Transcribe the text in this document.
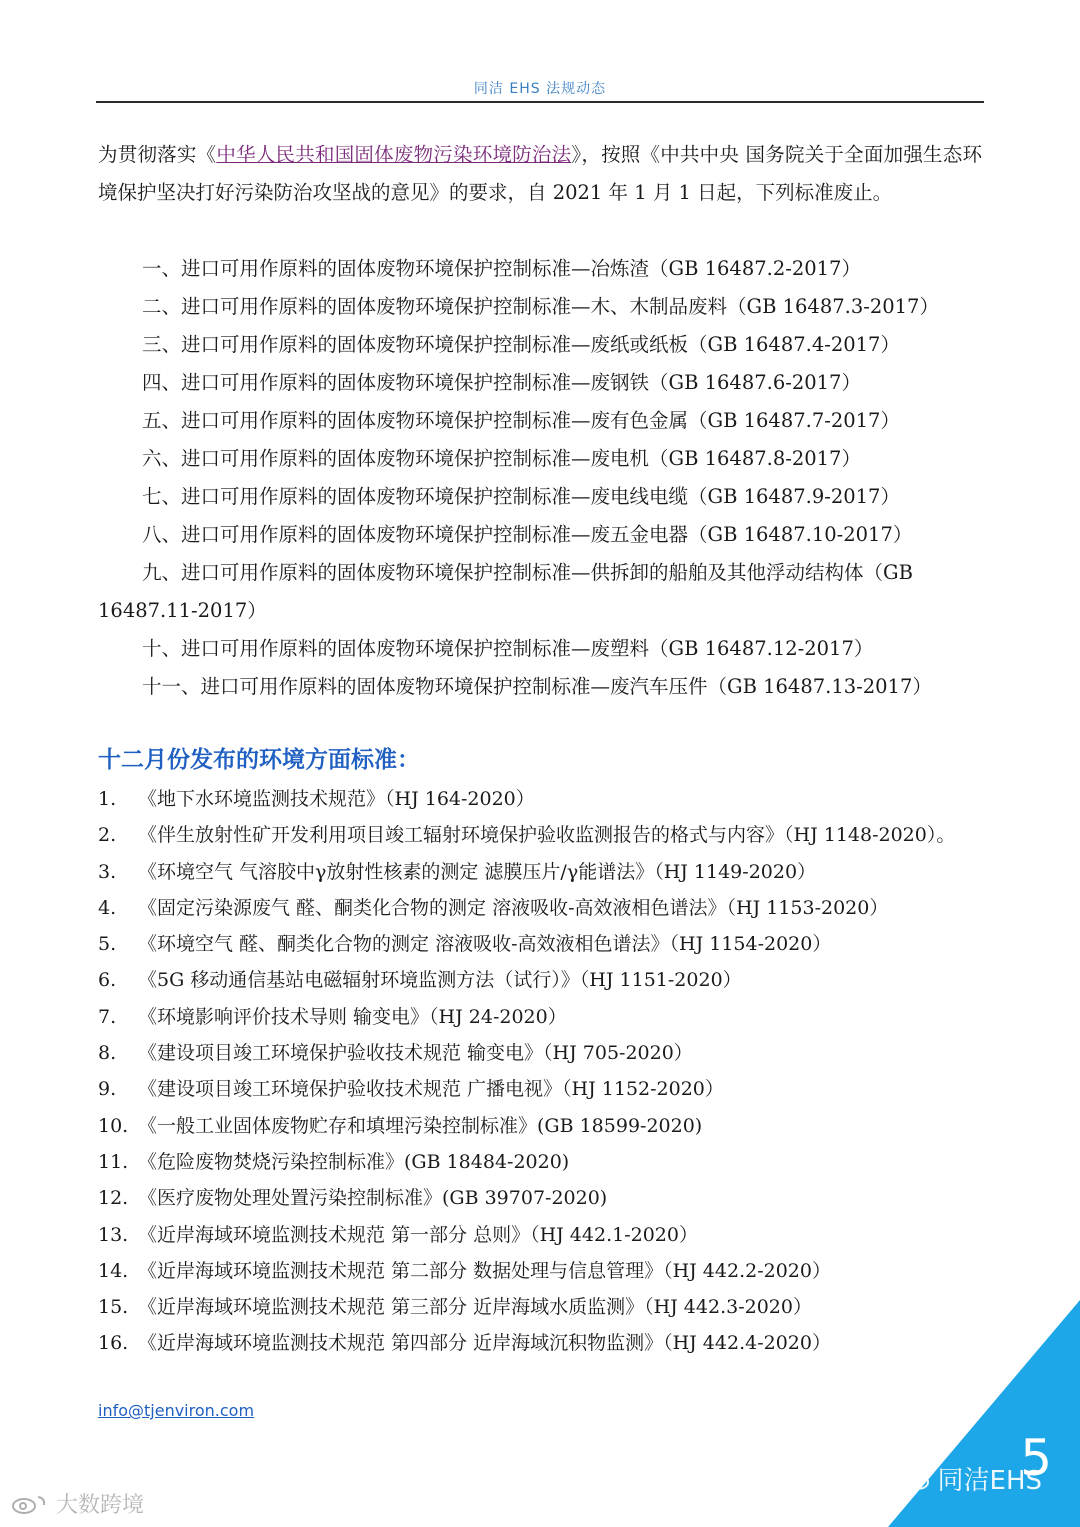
同洁 EHS 法规动态
为贯彻落实《中华人民共和国固体废物污染环境防治法》，按照《中共中央 国务院关于全面加强生态环境保护坚决打好污染防治攻坚战的意见》的要求，自 2021 年 1 月 1 日起，下列标准废止。
一、进口可用作原料的固体废物环境保护控制标准—冶炼渣（GB 16487.2-2017）
二、进口可用作原料的固体废物环境保护控制标准—木、木制品废料（GB 16487.3-2017）
三、进口可用作原料的固体废物环境保护控制标准—废纸或纸板（GB 16487.4-2017）
四、进口可用作原料的固体废物环境保护控制标准—废钢铁（GB 16487.6-2017）
五、进口可用作原料的固体废物环境保护控制标准—废有色金属（GB 16487.7-2017）
六、进口可用作原料的固体废物环境保护控制标准—废电机（GB 16487.8-2017）
七、进口可用作原料的固体废物环境保护控制标准—废电线电缆（GB 16487.9-2017）
八、进口可用作原料的固体废物环境保护控制标准—废五金电器（GB 16487.10-2017）
九、进口可用作原料的固体废物环境保护控制标准—供拆卸的船舶及其他浮动结构体（GB 16487.11-2017）
十、进口可用作原料的固体废物环境保护控制标准—废塑料（GB 16487.12-2017）
十一、进口可用作原料的固体废物环境保护控制标准—废汽车压件（GB 16487.13-2017）
十二月份发布的环境方面标准：
1.	《地下水环境监测技术规范》（HJ 164-2020）
2.	《伴生放射性矿开发利用项目竣工辐射环境保护验收监测报告的格式与内容》（HJ 1148-2020）。
3.	《环境空气 气溶胶中γ放射性核素的测定 滤膜压片/γ能谱法》（HJ 1149-2020）
4.	《固定污染源废气 醛、酮类化合物的测定 溶液吸收-高效液相色谱法》（HJ 1153-2020）
5.	《环境空气 醛、酮类化合物的测定 溶液吸收-高效液相色谱法》（HJ 1154-2020）
6.	《5G 移动通信基站电磁辐射环境监测方法（试行）》（HJ 1151-2020）
7.	《环境影响评价技术导则 输变电》（HJ 24-2020）
8.	《建设项目竣工环境保护验收技术规范 输变电》（HJ 705-2020）
9.	《建设项目竣工环境保护验收技术规范 广播电视》（HJ 1152-2020）
10. 《一般工业固体废物贮存和填埋污染控制标准》(GB 18599-2020)
11. 《危险废物焚烧污染控制标准》(GB 18484-2020)
12. 《医疗废物处理处置污染控制标准》(GB 39707-2020)
13. 《近岸海域环境监测技术规范 第一部分 总则》（HJ 442.1-2020）
14. 《近岸海域环境监测技术规范 第二部分 数据处理与信息管理》（HJ 442.2-2020）
15. 《近岸海域环境监测技术规范 第三部分 近岸海域水质监测》（HJ 442.3-2020）
16. 《近岸海域环境监测技术规范 第四部分 近岸海域沉积物监测》（HJ 442.4-2020）
info@tjenviron.com
5
同洁EHS
大数跨境
